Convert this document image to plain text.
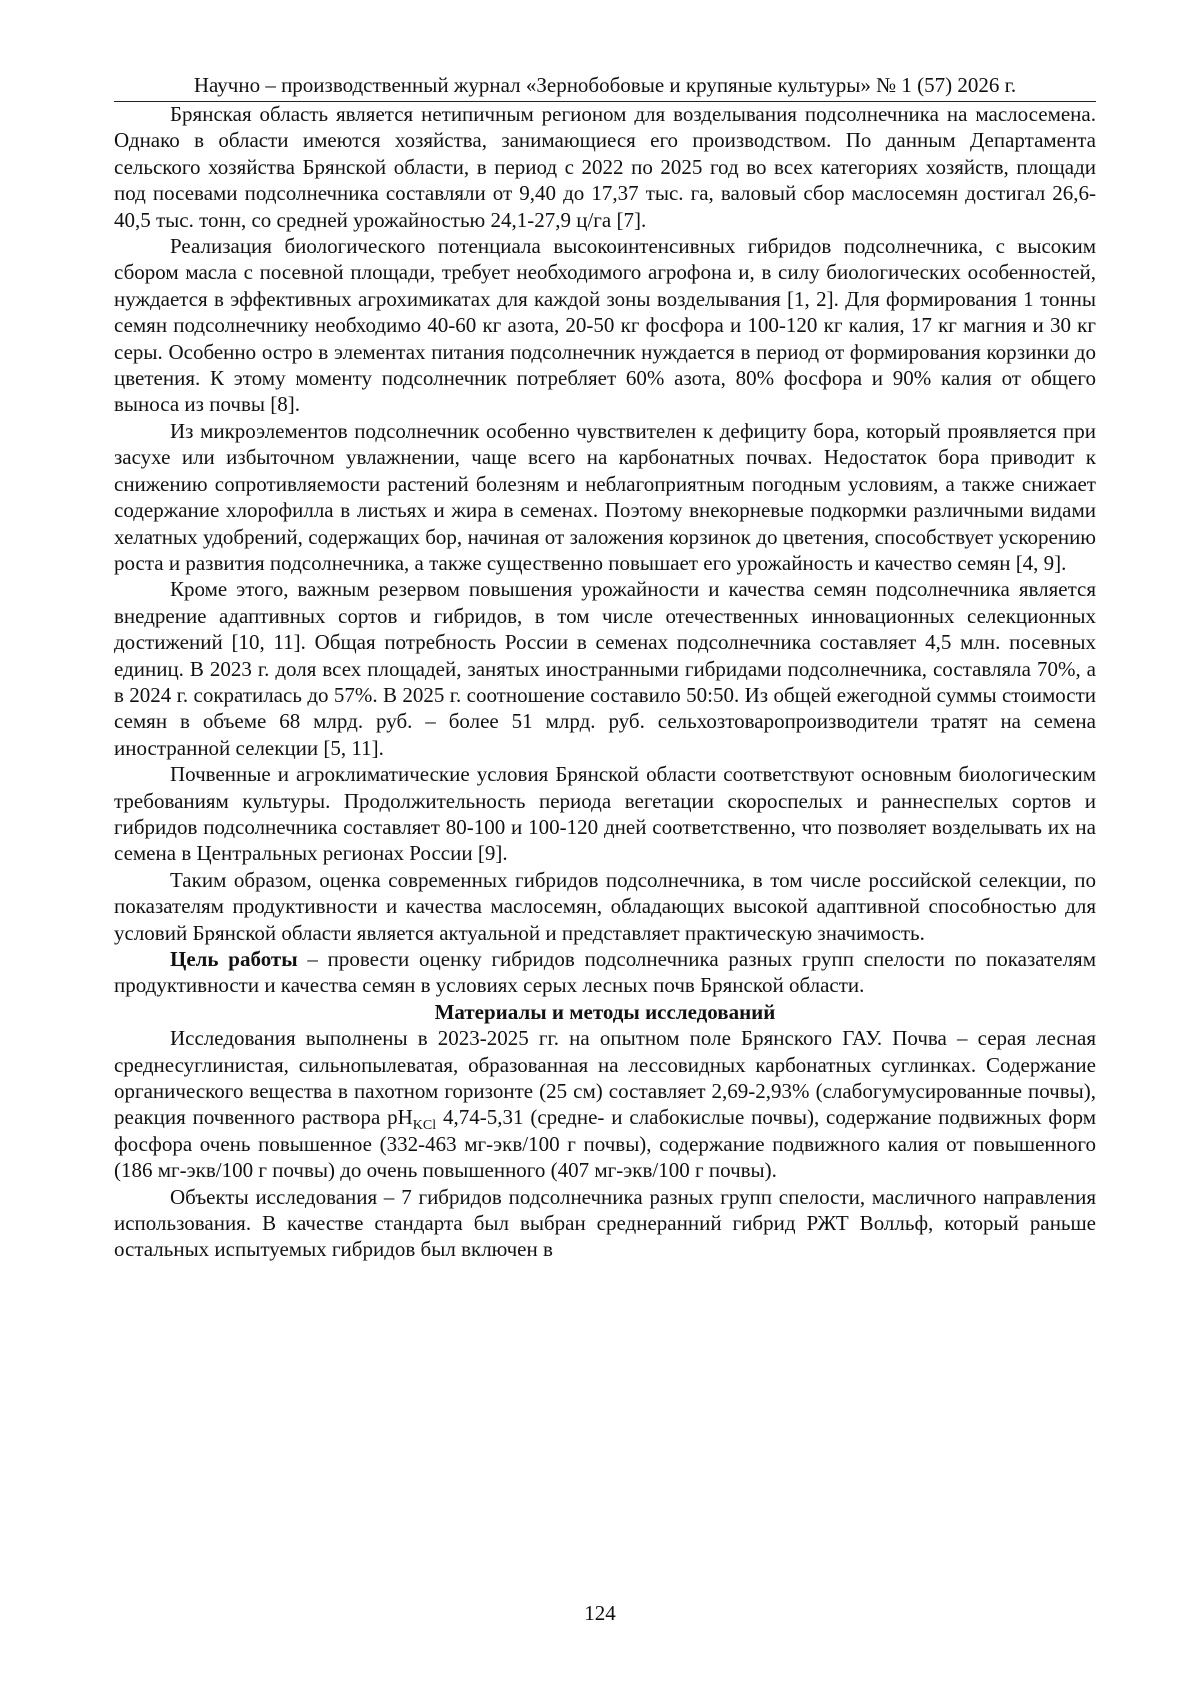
Научно – производственный журнал «Зернобобовые и крупяные культуры» № 1 (57) 2026 г.

Брянская область является нетипичным регионом для возделывания подсолнечника на маслосемена. Однако в области имеются хозяйства, занимающиеся его производством. По данным Департамента сельского хозяйства Брянской области, в период с 2022 по 2025 год во всех категориях хозяйств, площади под посевами подсолнечника составляли от 9,40 до 17,37 тыс. га, валовый сбор маслосемян достигал 26,6-40,5 тыс. тонн, со средней урожайностью 24,1-27,9 ц/га [7].

Реализация биологического потенциала высокоинтенсивных гибридов подсолнечника, с высоким сбором масла с посевной площади, требует необходимого агрофона и, в силу биологических особенностей, нуждается в эффективных агрохимикатах для каждой зоны возделывания [1, 2]. Для формирования 1 тонны семян подсолнечнику необходимо 40-60 кг азота, 20-50 кг фосфора и 100-120 кг калия, 17 кг магния и 30 кг серы. Особенно остро в элементах питания подсолнечник нуждается в период от формирования корзинки до цветения. К этому моменту подсолнечник потребляет 60% азота, 80% фосфора и 90% калия от общего выноса из почвы [8].

Из микроэлементов подсолнечник особенно чувствителен к дефициту бора, который проявляется при засухе или избыточном увлажнении, чаще всего на карбонатных почвах. Недостаток бора приводит к снижению сопротивляемости растений болезням и неблагоприятным погодным условиям, а также снижает содержание хлорофилла в листьях и жира в семенах. Поэтому внекорневые подкормки различными видами хелатных удобрений, содержащих бор, начиная от заложения корзинок до цветения, способствует ускорению роста и развития подсолнечника, а также существенно повышает его урожайность и качество семян [4, 9].

Кроме этого, важным резервом повышения урожайности и качества семян подсолнечника является внедрение адаптивных сортов и гибридов, в том числе отечественных инновационных селекционных достижений [10, 11]. Общая потребность России в семенах подсолнечника составляет 4,5 млн. посевных единиц. В 2023 г. доля всех площадей, занятых иностранными гибридами подсолнечника, составляла 70%, а в 2024 г. сократилась до 57%. В 2025 г. соотношение составило 50:50. Из общей ежегодной суммы стоимости семян в объеме 68 млрд. руб. – более 51 млрд. руб. сельхозтоваропроизводители тратят на семена иностранной селекции [5, 11].

Почвенные и агроклиматические условия Брянской области соответствуют основным биологическим требованиям культуры. Продолжительность периода вегетации скороспелых и раннеспелых сортов и гибридов подсолнечника составляет 80-100 и 100-120 дней соответственно, что позволяет возделывать их на семена в Центральных регионах России [9].

Таким образом, оценка современных гибридов подсолнечника, в том числе российской селекции, по показателям продуктивности и качества маслосемян, обладающих высокой адаптивной способностью для условий Брянской области является актуальной и представляет практическую значимость.

Цель работы – провести оценку гибридов подсолнечника разных групп спелости по показателям продуктивности и качества семян в условиях серых лесных почв Брянской области.

Материалы и методы исследований

Исследования выполнены в 2023-2025 гг. на опытном поле Брянского ГАУ. Почва – серая лесная среднесуглинистая, сильнопылеватая, образованная на лессовидных карбонатных суглинках. Содержание органического вещества в пахотном горизонте (25 см) составляет 2,69-2,93% (слабогумусированные почвы), реакция почвенного раствора $pH_{KCl}$ 4,74-5,31 (средне- и слабокислые почвы), содержание подвижных форм фосфора очень повышенное (332-463 мг-экв/100 г почвы), содержание подвижного калия от повышенного (186 мг-экв/100 г почвы) до очень повышенного (407 мг-экв/100 г почвы).

Объекты исследования – 7 гибридов подсолнечника разных групп спелости, масличного направления использования. В качестве стандарта был выбран среднеранний гибрид РЖТ Волльф, который раньше остальных испытуемых гибридов был включен в

124
